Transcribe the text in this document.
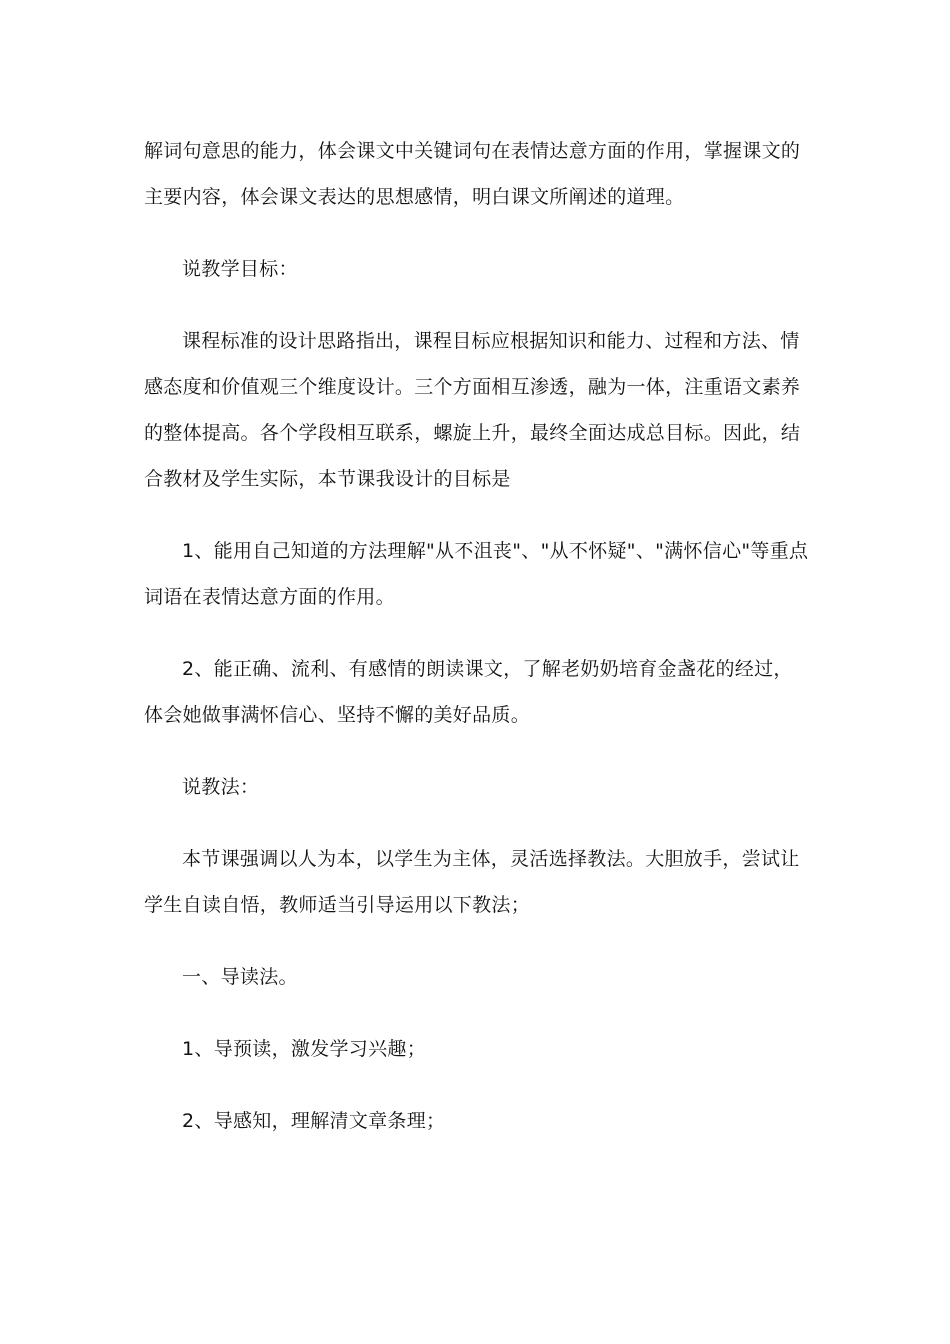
解词句意思的能力，体会课文中关键词句在表情达意方面的作用，掌握课文的主要内容，体会课文表达的思想感情，明白课文所阐述的道理。

说教学目标：

课程标准的设计思路指出，课程目标应根据知识和能力、过程和方法、情感态度和价值观三个维度设计。三个方面相互渗透，融为一体，注重语文素养的整体提高。各个学段相互联系，螺旋上升，最终全面达成总目标。因此，结合教材及学生实际，本节课我设计的目标是

1、能用自己知道的方法理解"从不沮丧"、"从不怀疑"、"满怀信心"等重点词语在表情达意方面的作用。

2、能正确、流利、有感情的朗读课文，了解老奶奶培育金盏花的经过，体会她做事满怀信心、坚持不懈的美好品质。

说教法：

本节课强调以人为本，以学生为主体，灵活选择教法。大胆放手，尝试让学生自读自悟，教师适当引导运用以下教法；

一、导读法。

1、导预读，激发学习兴趣；

2、导感知，理解清文章条理；
